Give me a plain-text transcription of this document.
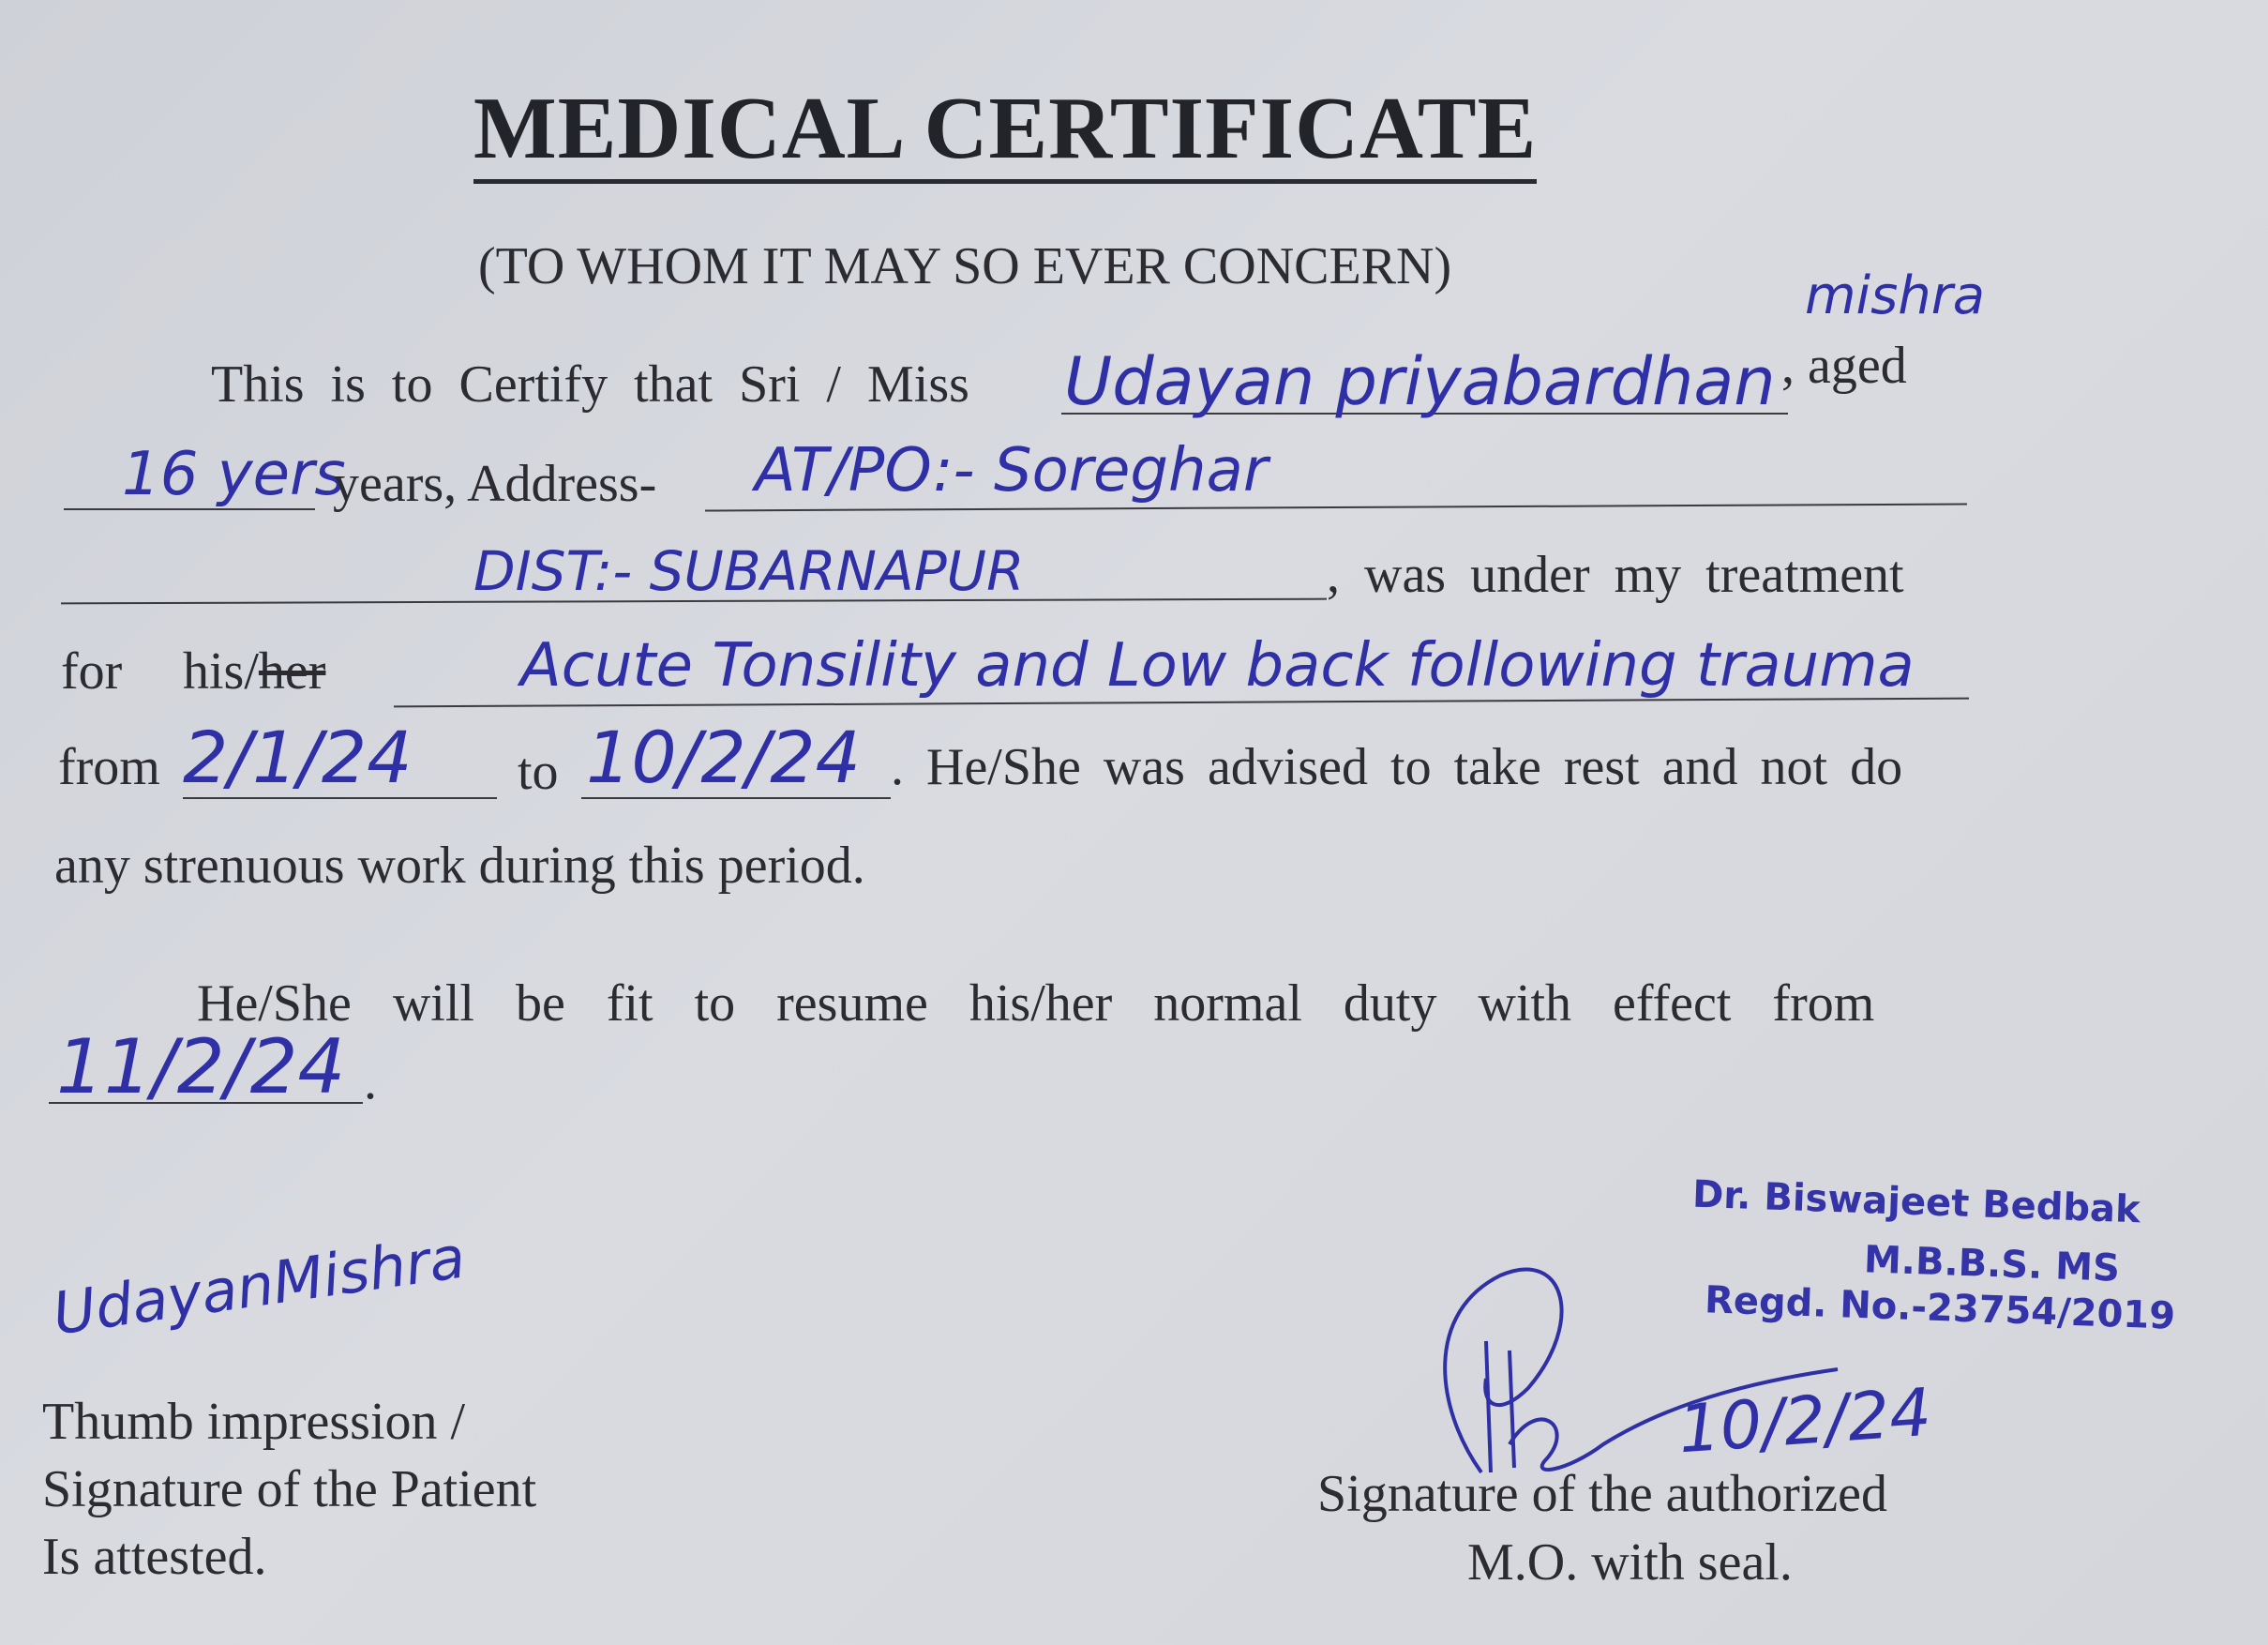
MEDICAL CERTIFICATE
(TO WHOM IT MAY SO EVER CONCERN)
This is to Certify that Sri / Miss Udayan priyabardhan
mishra
, aged
16 yers
years, Address- AT/PO:- Soreghar
DIST:- SUBARNAPUR	, was under my treatment
for his/her	Acute Tonsility and Low back following trauma
from 2/1/24 to 10/2/24 . He/She was advised to take rest and not do
any strenuous work during this period.
He/She will be fit to resume his/her normal duty with effect from
11/2/24 .
UdayanMishra
Thumb impression /
Signature of the Patient
Is attested.
Dr. Biswajeet Bedbak
M.B.B.S. MS
Regd. No.-23754/2019
10/2/24
Signature of the authorized
M.O. with seal.
